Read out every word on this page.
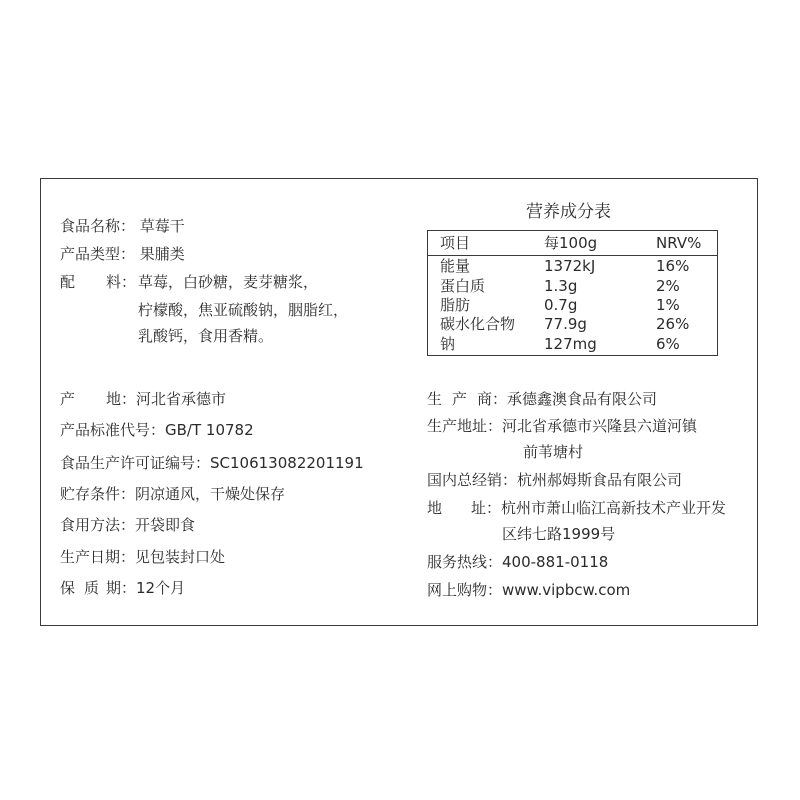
食品名称： 草莓干
产品类型： 果脯类
配 料： 草莓，白砂糖，麦芽糖浆，
柠檬酸，焦亚硫酸钠，胭脂红，
乳酸钙，食用香精。
产 地：河北省承德市
产品标准代号：GB/T 10782
食品生产许可证编号：SC10613082201191
贮存条件：阴凉通风，干燥处保存
食用方法：开袋即食
生产日期：见包装封口处
保 质 期：12个月
营养成分表
项目	每100g	NRV%
能量	1372kJ	16%
蛋白质	1.3g	2%
脂肪	0.7g	1%
碳水化合物 77.9g	26%
钠	127mg	6%
生 产 商：承德鑫澳食品有限公司
生产地址：河北省承德市兴隆县六道河镇
前苇塘村
国内总经销：杭州郝姆斯食品有限公司
地 址：杭州市萧山临江高新技术产业开发
区纬七路1999号
服务热线：400-881-0118
网上购物：www.vipbcw.com
